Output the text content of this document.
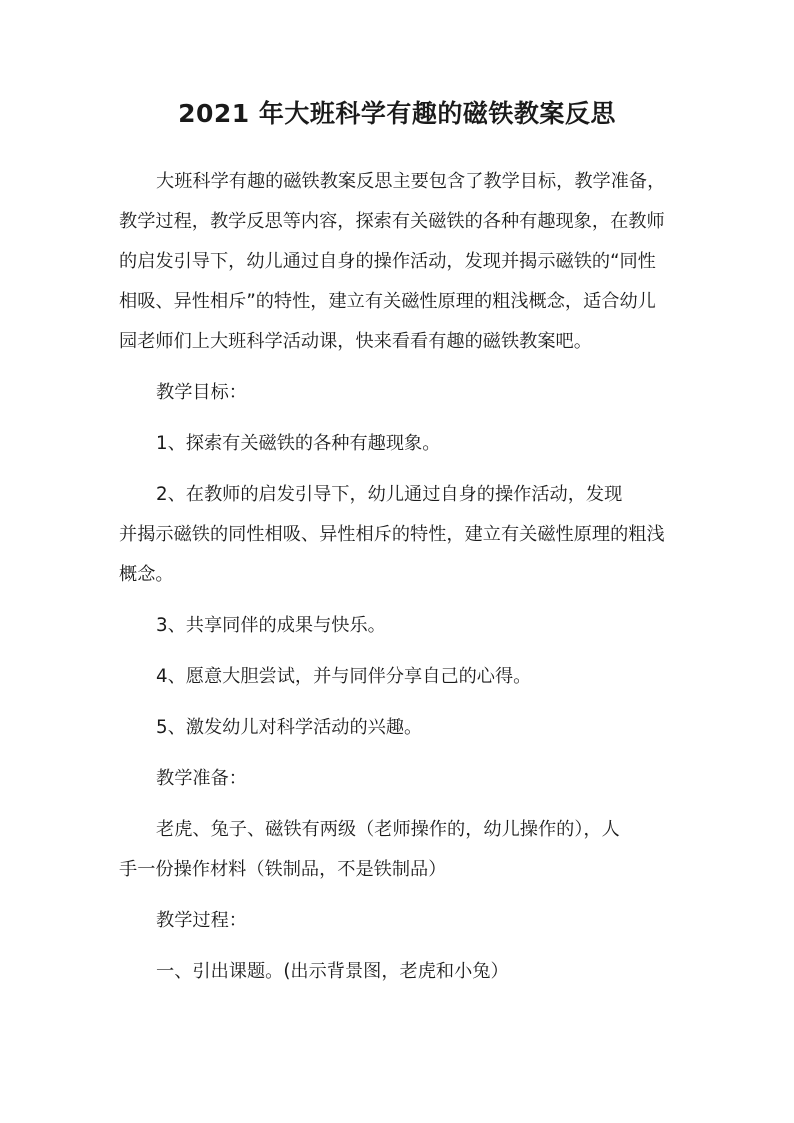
2021 年大班科学有趣的磁铁教案反思

大班科学有趣的磁铁教案反思主要包含了教学目标，教学准备，
教学过程，教学反思等内容，探索有关磁铁的各种有趣现象，在教师
的启发引导下，幼儿通过自身的操作活动，发现并揭示磁铁的“同性
相吸、异性相斥”的特性，建立有关磁性原理的粗浅概念，适合幼儿
园老师们上大班科学活动课，快来看看有趣的磁铁教案吧。

教学目标：

1、探索有关磁铁的各种有趣现象。

2、在教师的启发引导下，幼儿通过自身的操作活动，发现
并揭示磁铁的同性相吸、异性相斥的特性，建立有关磁性原理的粗浅
概念。

3、共享同伴的成果与快乐。

4、愿意大胆尝试，并与同伴分享自己的心得。

5、激发幼儿对科学活动的兴趣。

教学准备：

老虎、兔子、磁铁有两级（老师操作的，幼儿操作的），人
手一份操作材料（铁制品，不是铁制品）

教学过程：

一、引出课题。(出示背景图，老虎和小兔）
